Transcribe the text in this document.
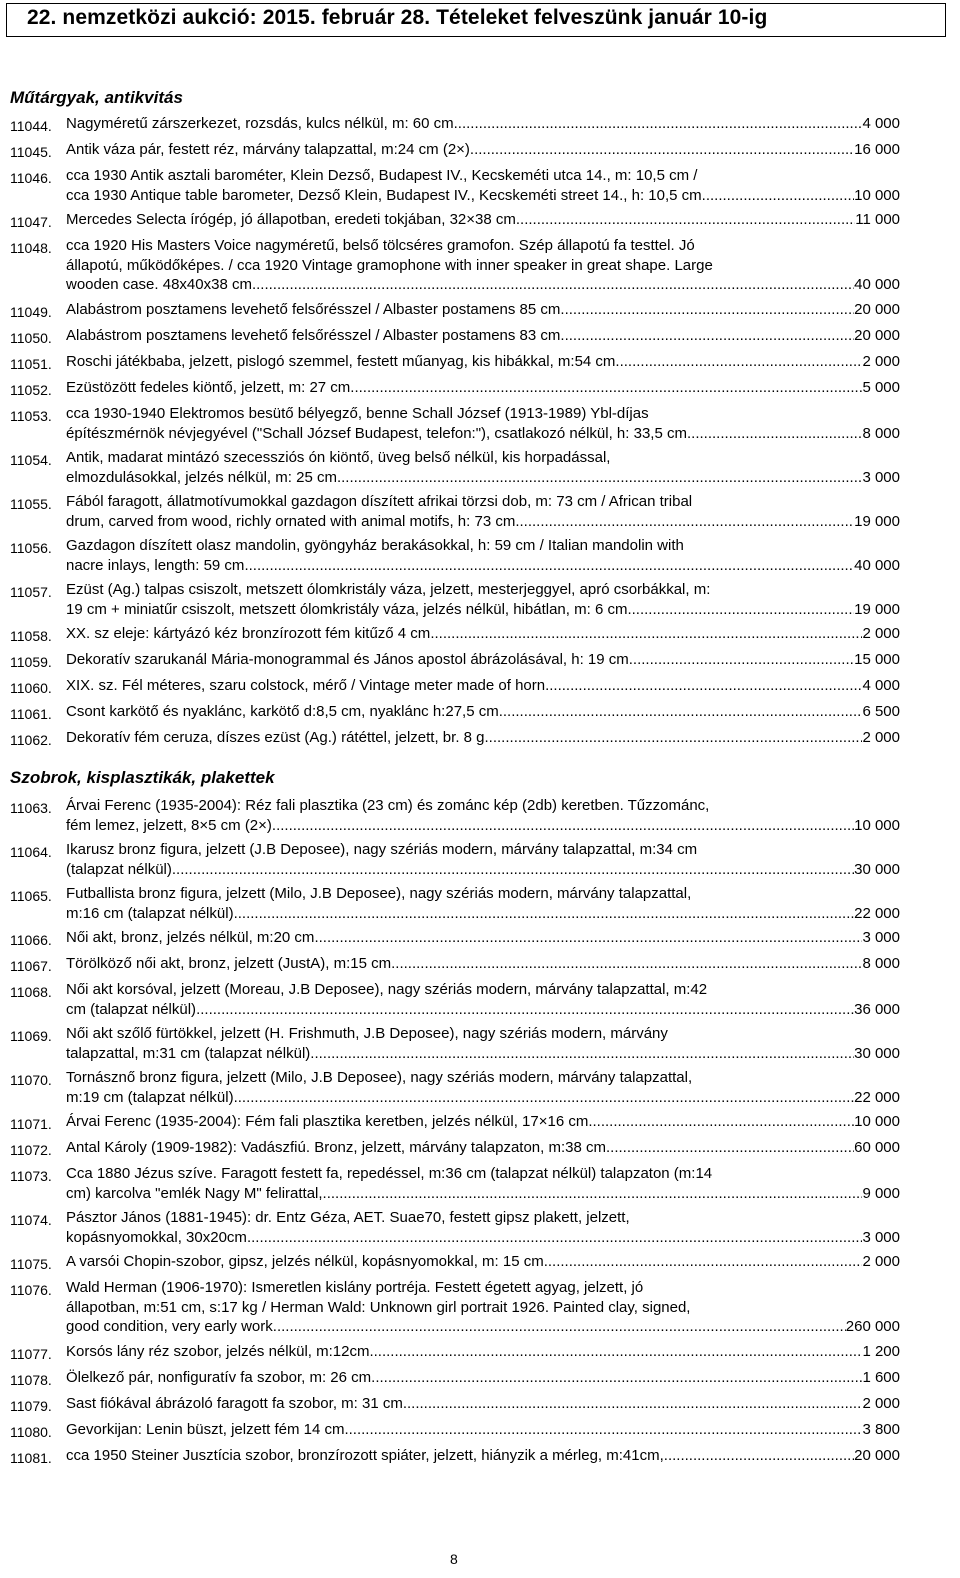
22. nemzetközi aukció: 2015. február 28. Tételeket felveszünk január 10-ig
Műtárgyak, antikvitás
11044. Nagyméretű zárszerkezet, rozsdás, kulcs nélkül, m: 60 cm .....	4 000
11045. Antik váza pár, festett réz, márvány talapzattal, m:24 cm (2×) .....	16 000
11046. cca 1930 Antik asztali barométer, Klein Dezső, Budapest IV., Kecskeméti utca 14., m: 10,5 cm /
cca 1930 Antique table barometer, Dezső Klein, Budapest IV., Kecskeméti street 14., h: 10,5 cm .....	10 000
11047. Mercedes Selecta írógép, jó állapotban, eredeti tokjában, 32×38 cm .....	11 000
11048. cca 1920 His Masters Voice nagyméretű, belső tölcséres gramofon. Szép állapotú fa testtel. Jó
állapotú, működőképes. / cca 1920 Vintage gramophone with inner speaker in great shape. Large
wooden case. 48x40x38 cm .....	40 000
11049. Alabástrom posztamens levehető felsőrésszel / Albaster postamens 85 cm .....	20 000
11050. Alabástrom posztamens levehető felsőrésszel / Albaster postamens 83 cm .....	20 000
11051. Roschi játékbaba, jelzett, pislogó szemmel, festett műanyag, kis hibákkal, m:54 cm .....	2 000
11052. Ezüstözött fedeles kiöntő, jelzett, m: 27 cm .....	5 000
11053. cca 1930-1940 Elektromos besütő bélyegző, benne Schall József (1913-1989) Ybl-díjas
építészmérnök névjegyével ("Schall József Budapest, telefon:"), csatlakozó nélkül, h: 33,5 cm .....	8 000
11054. Antik, madarat mintázó szecessziós ón kiöntő, üveg belső nélkül, kis horpadással,
elmozdulásokkal, jelzés nélkül, m: 25 cm .....	3 000
11055. Fából faragott, állatmotívumokkal gazdagon díszített afrikai törzsi dob, m: 73 cm / African tribal
drum, carved from wood, richly ornated with animal motifs, h: 73 cm .....	19 000
11056. Gazdagon díszített olasz mandolin, gyöngyház berakásokkal, h: 59 cm / Italian mandolin with
nacre inlays, length: 59 cm .....	40 000
11057. Ezüst (Ag.) talpas csiszolt, metszett ólomkristály váza, jelzett, mesterjeggyel, apró csorbákkal, m:
19 cm + miniatűr csiszolt, metszett ólomkristály váza, jelzés nélkül, hibátlan, m: 6 cm .....	19 000
11058. XX. sz eleje: kártyázó kéz bronzírozott fém kitűző 4 cm .....	2 000
11059. Dekoratív szarukanál Mária-monogrammal és János apostol ábrázolásával, h: 19 cm .....	15 000
11060. XIX. sz. Fél méteres, szaru colstock, mérő / Vintage meter made of horn .....	4 000
11061. Csont karkötő és nyaklánc, karkötő d:8,5 cm, nyaklánc h:27,5 cm .....	6 500
11062. Dekoratív fém ceruza, díszes ezüst (Ag.) rátéttel, jelzett, br. 8 g .....	2 000
Szobrok, kisplasztikák, plakettek
11063. Árvai Ferenc (1935-2004): Réz fali plasztika (23 cm) és zománc kép (2db) keretben. Tűzzománc,
fém lemez, jelzett, 8×5 cm (2×) .....	10 000
11064. Ikarusz bronz figura, jelzett (J.B Deposee), nagy szériás modern, márvány talapzattal, m:34 cm
(talapzat nélkül) .....	30 000
11065. Futballista bronz figura, jelzett (Milo, J.B Deposee), nagy szériás modern, márvány talapzattal,
m:16 cm (talapzat nélkül) .....	22 000
11066. Női akt, bronz, jelzés nélkül, m:20 cm .....	3 000
11067. Törölköző női akt, bronz, jelzett (JustA), m:15 cm .....	8 000
11068. Női akt korsóval, jelzett (Moreau, J.B Deposee), nagy szériás modern, márvány talapzattal, m:42
cm (talapzat nélkül) .....	36 000
11069. Női akt szőlő fürtökkel, jelzett (H. Frishmuth, J.B Deposee), nagy szériás modern, márvány
talapzattal, m:31 cm (talapzat nélkül) .....	30 000
11070. Tornásznő bronz figura, jelzett (Milo, J.B Deposee), nagy szériás modern, márvány talapzattal,
m:19 cm (talapzat nélkül) .....	22 000
11071. Árvai Ferenc (1935-2004): Fém fali plasztika keretben, jelzés nélkül, 17×16 cm .....	10 000
11072. Antal Károly (1909-1982): Vadászfiú. Bronz, jelzett, márvány talapzaton, m:38 cm .....	60 000
11073. Cca 1880 Jézus szíve. Faragott festett fa, repedéssel, m:36 cm (talapzat nélkül) talapzaton (m:14
cm) karcolva "emlék Nagy M" felirattal, .....	9 000
11074. Pásztor János (1881-1945): dr. Entz Géza, AET. Suae70, festett gipsz plakett, jelzett,
kopásnyomokkal, 30x20cm .....	3 000
11075. A varsói Chopin-szobor, gipsz, jelzés nélkül, kopásnyomokkal, m: 15 cm .....	2 000
11076. Wald Herman (1906-1970): Ismeretlen kislány portréja. Festett égetett agyag, jelzett, jó
állapotban, m:51 cm, s:17 kg / Herman Wald: Unknown girl portrait 1926. Painted clay, signed,
good condition, very early work .....	260 000
11077. Korsós lány réz szobor, jelzés nélkül, m:12cm .....	1 200
11078. Ölelkező pár, nonfiguratív fa szobor, m: 26 cm .....	1 600
11079. Sast fiókával ábrázoló faragott fa szobor, m: 31 cm .....	2 000
11080. Gevorkijan: Lenin büszt, jelzett fém 14 cm .....	3 800
11081. cca 1950 Steiner Jusztícia szobor, bronzírozott spiáter, jelzett, hiányzik a mérleg, m:41cm, .....	20 000
8
